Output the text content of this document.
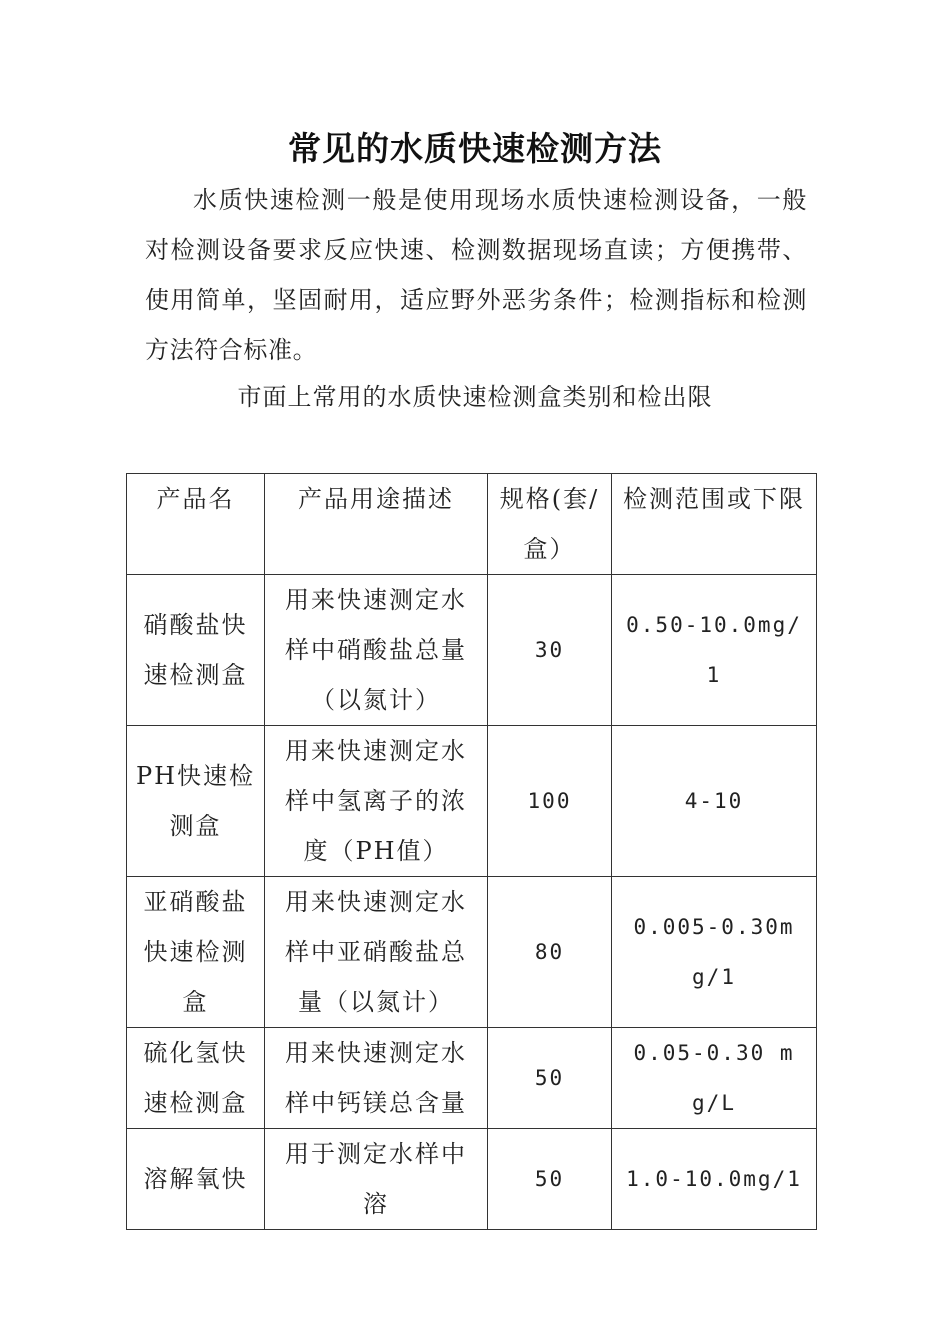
常见的水质快速检测方法

水质快速检测一般是使用现场水质快速检测设备，一般对检测设备要求反应快速、检测数据现场直读；方便携带、使用简单，坚固耐用，适应野外恶劣条件；检测指标和检测方法符合标准。

市面上常用的水质快速检测盒类别和检出限
产品名	产品用途描述	规格(套/盒）	检测范围或下限
硝酸盐快速检测盒	用来快速测定水样中硝酸盐总量（以氮计）	30	0.50-10.0mg/1
PH快速检测盒	用来快速测定水样中氢离子的浓度（PH值）	100	4-10
亚硝酸盐快速检测盒	用来快速测定水样中亚硝酸盐总量（以氮计）	80	0.005-0.30mg/1
硫化氢快速检测盒	用来快速测定水样中钙镁总含量	50	0.05-0.30 mg/L
溶解氧快	用于测定水样中溶	50	1.0-10.0mg/1
